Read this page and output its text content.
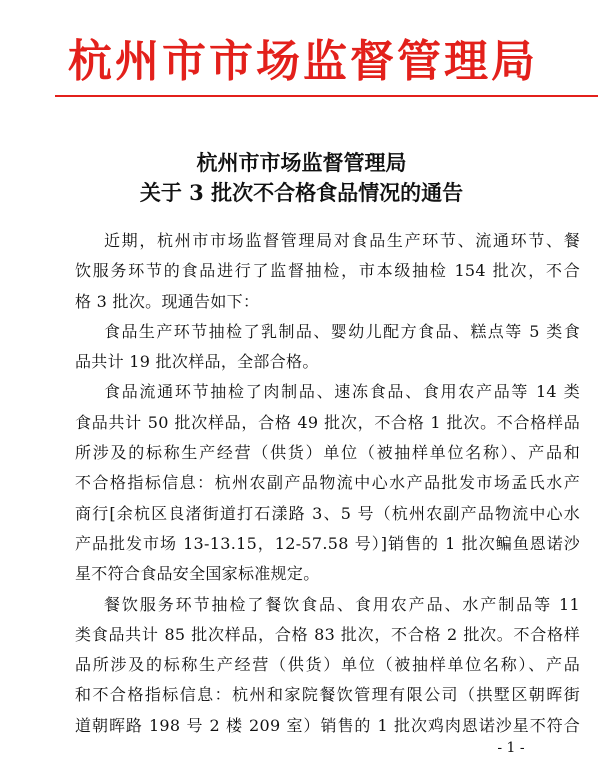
杭州市市场监督管理局
杭州市市场监督管理局
关于 3 批次不合格食品情况的通告
近期，杭州市市场监督管理局对食品生产环节、流通环节、餐
饮服务环节的食品进行了监督抽检，市本级抽检 154 批次，不合
格 3 批次。现通告如下：
食品生产环节抽检了乳制品、婴幼儿配方食品、糕点等 5 类食
品共计 19 批次样品，全部合格。
食品流通环节抽检了肉制品、速冻食品、食用农产品等 14 类
食品共计 50 批次样品，合格 49 批次，不合格 1 批次。不合格样品
所涉及的标称生产经营（供货）单位（被抽样单位名称）、产品和
不合格指标信息：杭州农副产品物流中心水产品批发市场孟氏水产
商行[余杭区良渚街道打石漾路 3、5 号（杭州农副产品物流中心水
产品批发市场 13-13.15，12-57.58 号）]销售的 1 批次鳊鱼恩诺沙
星不符合食品安全国家标准规定。
餐饮服务环节抽检了餐饮食品、食用农产品、水产制品等 11
类食品共计 85 批次样品，合格 83 批次，不合格 2 批次。不合格样
品所涉及的标称生产经营（供货）单位（被抽样单位名称）、产品
和不合格指标信息：杭州和家院餐饮管理有限公司（拱墅区朝晖街
道朝晖路 198 号 2 楼 209 室）销售的 1 批次鸡肉恩诺沙星不符合
- 1 -
